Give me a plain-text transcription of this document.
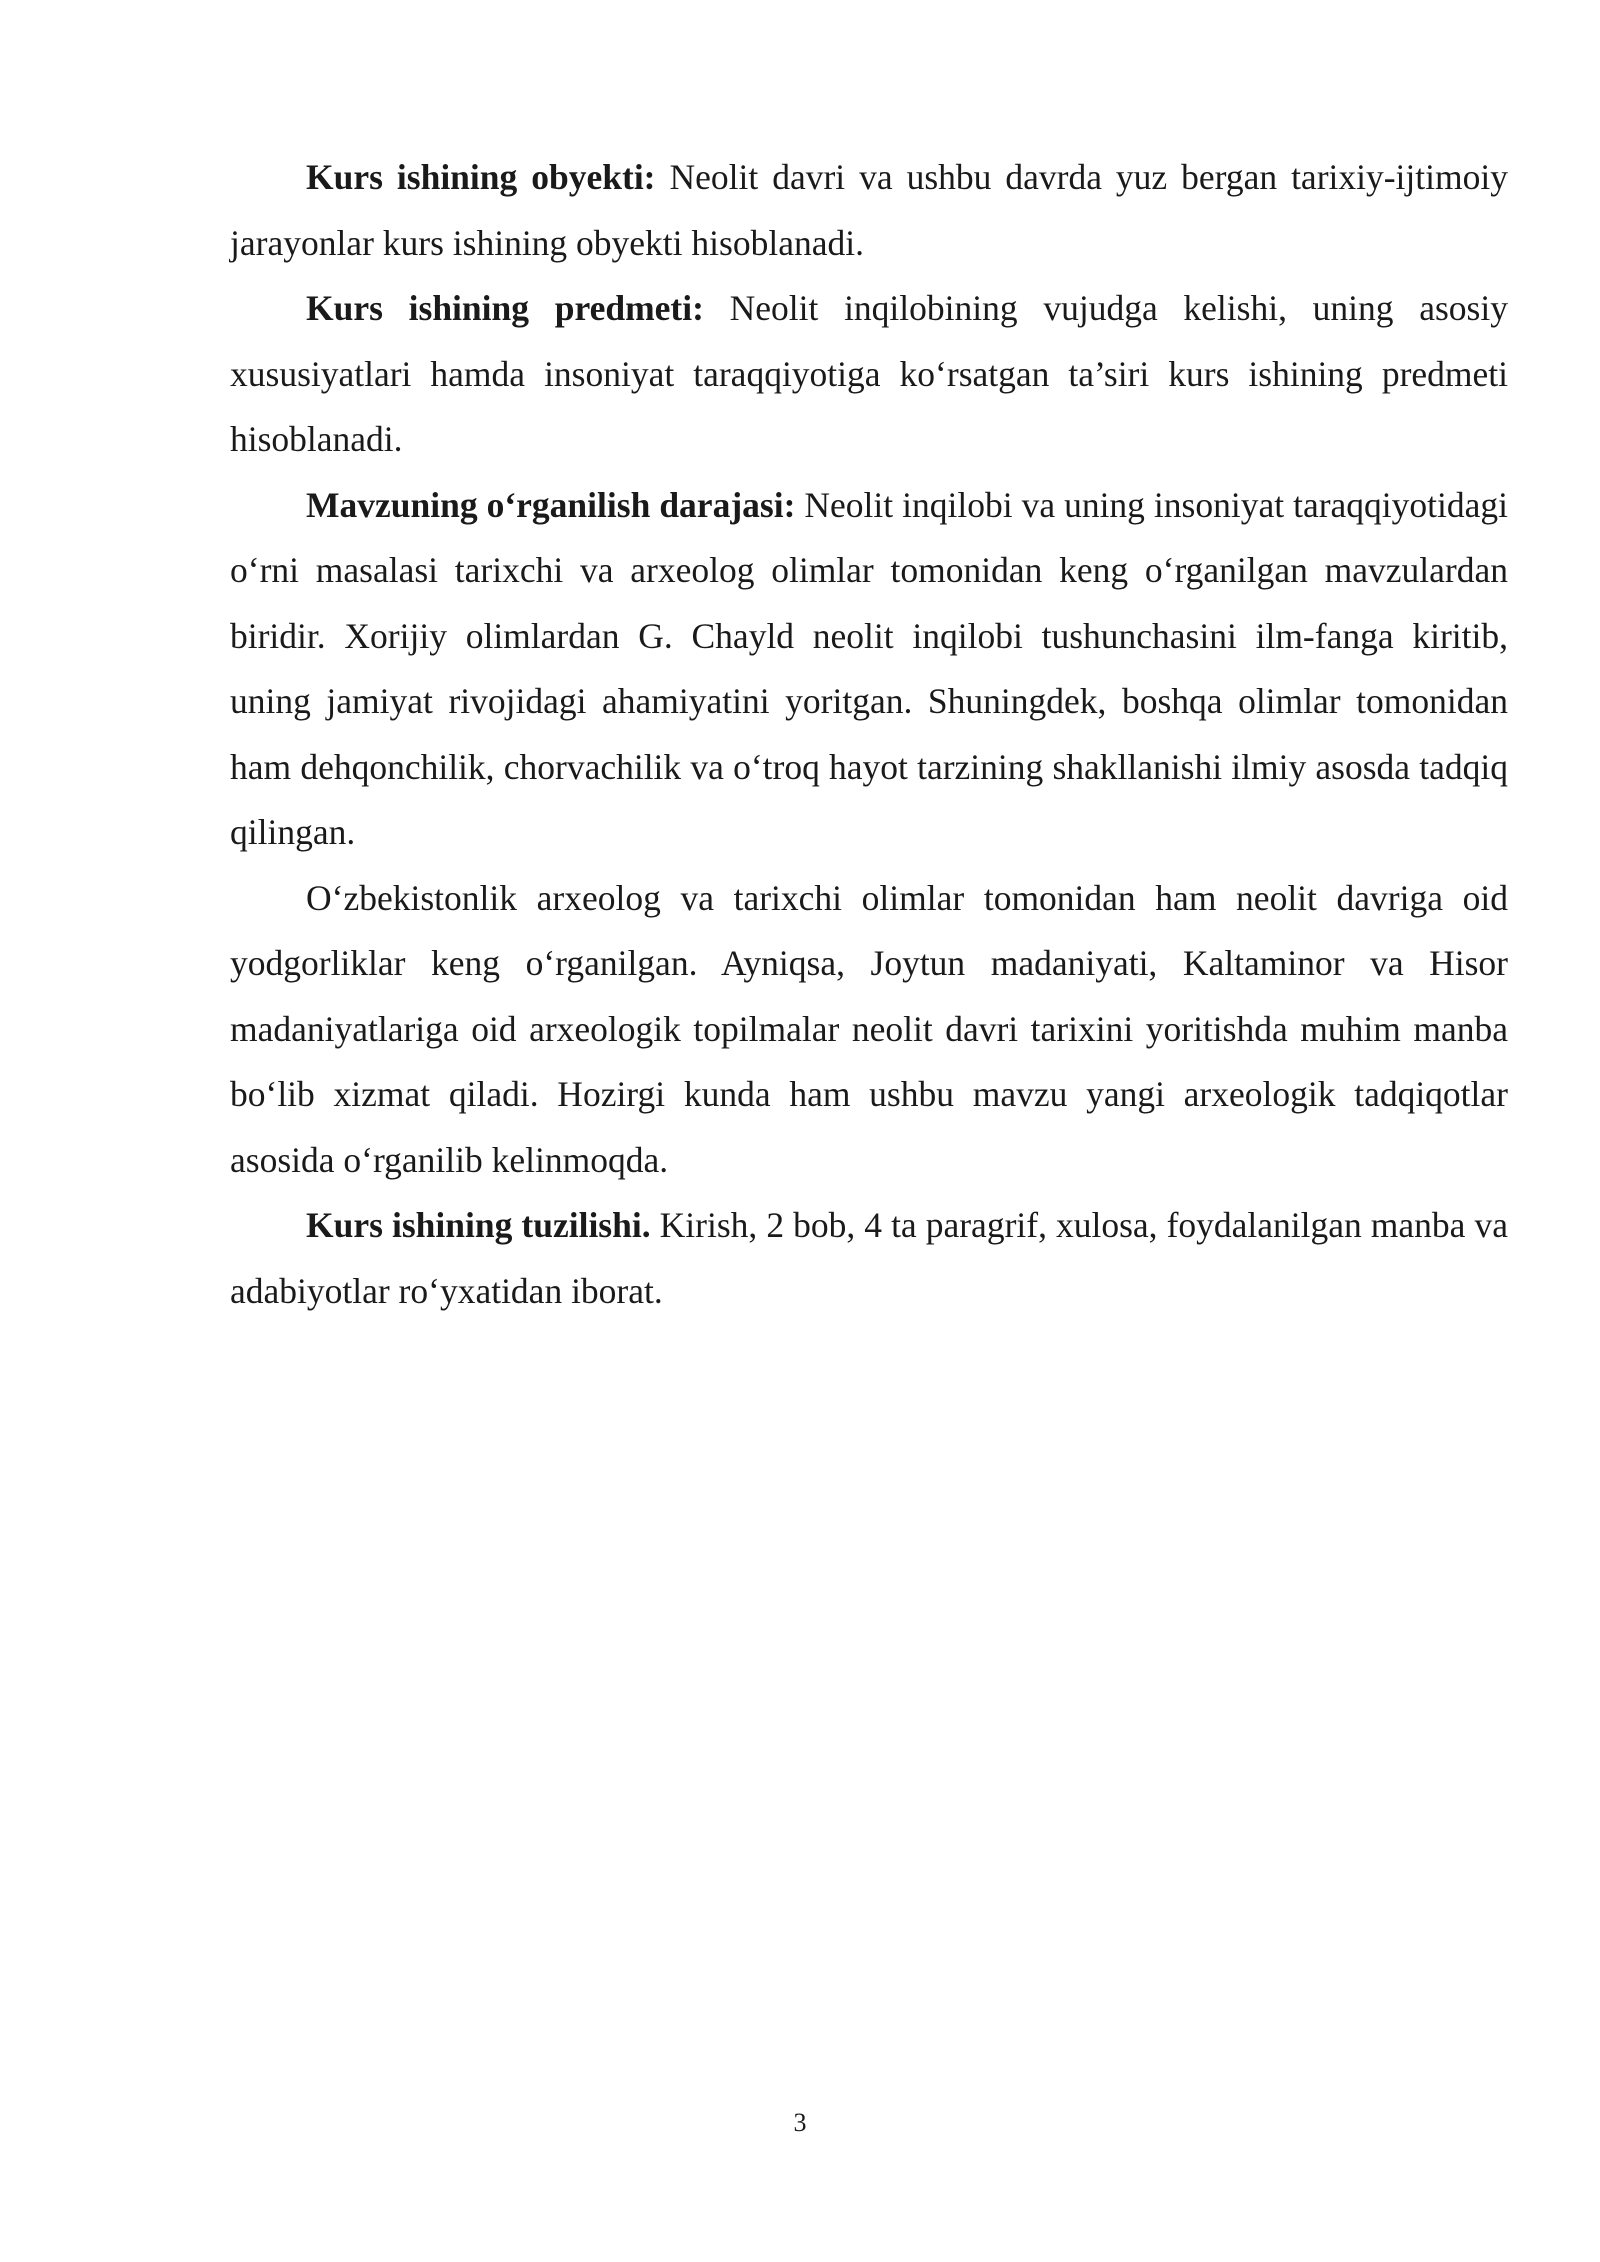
Kurs ishining obyekti: Neolit davri va ushbu davrda yuz bergan tarixiy-ijtimoiy jarayonlar kurs ishining obyekti hisoblanadi.

Kurs ishining predmeti: Neolit inqilobining vujudga kelishi, uning asosiy xususiyatlari hamda insoniyat taraqqiyotiga ko‘rsatgan ta’siri kurs ishining predmeti hisoblanadi.

Mavzuning o‘rganilish darajasi: Neolit inqilobi va uning insoniyat taraqqiyotidagi o‘rni masalasi tarixchi va arxeolog olimlar tomonidan keng o‘rganilgan mavzulardan biridir. Xorijiy olimlardan G. Chayld neolit inqilobi tushunchasini ilm-fanga kiritib, uning jamiyat rivojidagi ahamiyatini yoritgan. Shuningdek, boshqa olimlar tomonidan ham dehqonchilik, chorvachilik va o‘troq hayot tarzining shakllanishi ilmiy asosda tadqiq qilingan.

O‘zbekistonlik arxeolog va tarixchi olimlar tomonidan ham neolit davriga oid yodgorliklar keng o‘rganilgan. Ayniqsa, Joytun madaniyati, Kaltaminor va Hisor madaniyatlariga oid arxeologik topilmalar neolit davri tarixini yoritishda muhim manba bo‘lib xizmat qiladi. Hozirgi kunda ham ushbu mavzu yangi arxeologik tadqiqotlar asosida o‘rganilib kelinmoqda.

Kurs ishining tuzilishi. Kirish, 2 bob, 4 ta paragrif, xulosa, foydalanilgan manba va adabiyotlar ro‘yxatidan iborat.

3
